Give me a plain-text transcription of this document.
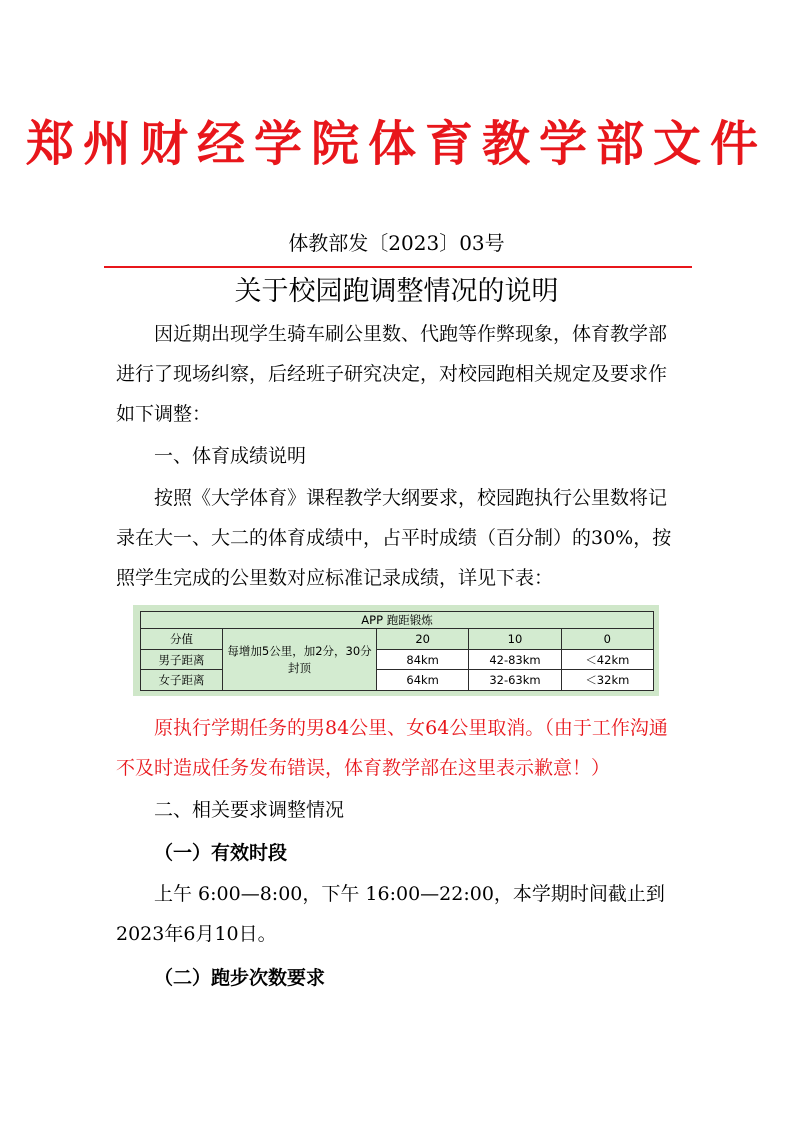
郑州财经学院体育教学部文件
体教部发〔2023〕03号
关于校园跑调整情况的说明

因近期出现学生骑车刷公里数、代跑等作弊现象，体育教学部进行了现场纠察，后经班子研究决定，对校园跑相关规定及要求作如下调整：

一、体育成绩说明

按照《大学体育》课程教学大纲要求，校园跑执行公里数将记录在大一、大二的体育成绩中，占平时成绩（百分制）的30%，按照学生完成的公里数对应标准记录成绩，详见下表：

APP 跑距锻炼				
分值	每增加5公里，加2分，30分封顶	20	10	0
男子距离		84km	42-83km	＜42km
女子距离		64km	32-63km	＜32km

原执行学期任务的男84公里、女64公里取消。（由于工作沟通不及时造成任务发布错误，体育教学部在这里表示歉意！）

二、相关要求调整情况

（一）有效时段

上午 6:00—8:00，下午 16:00—22:00，本学期时间截止到2023年6月10日。

（二）跑步次数要求
